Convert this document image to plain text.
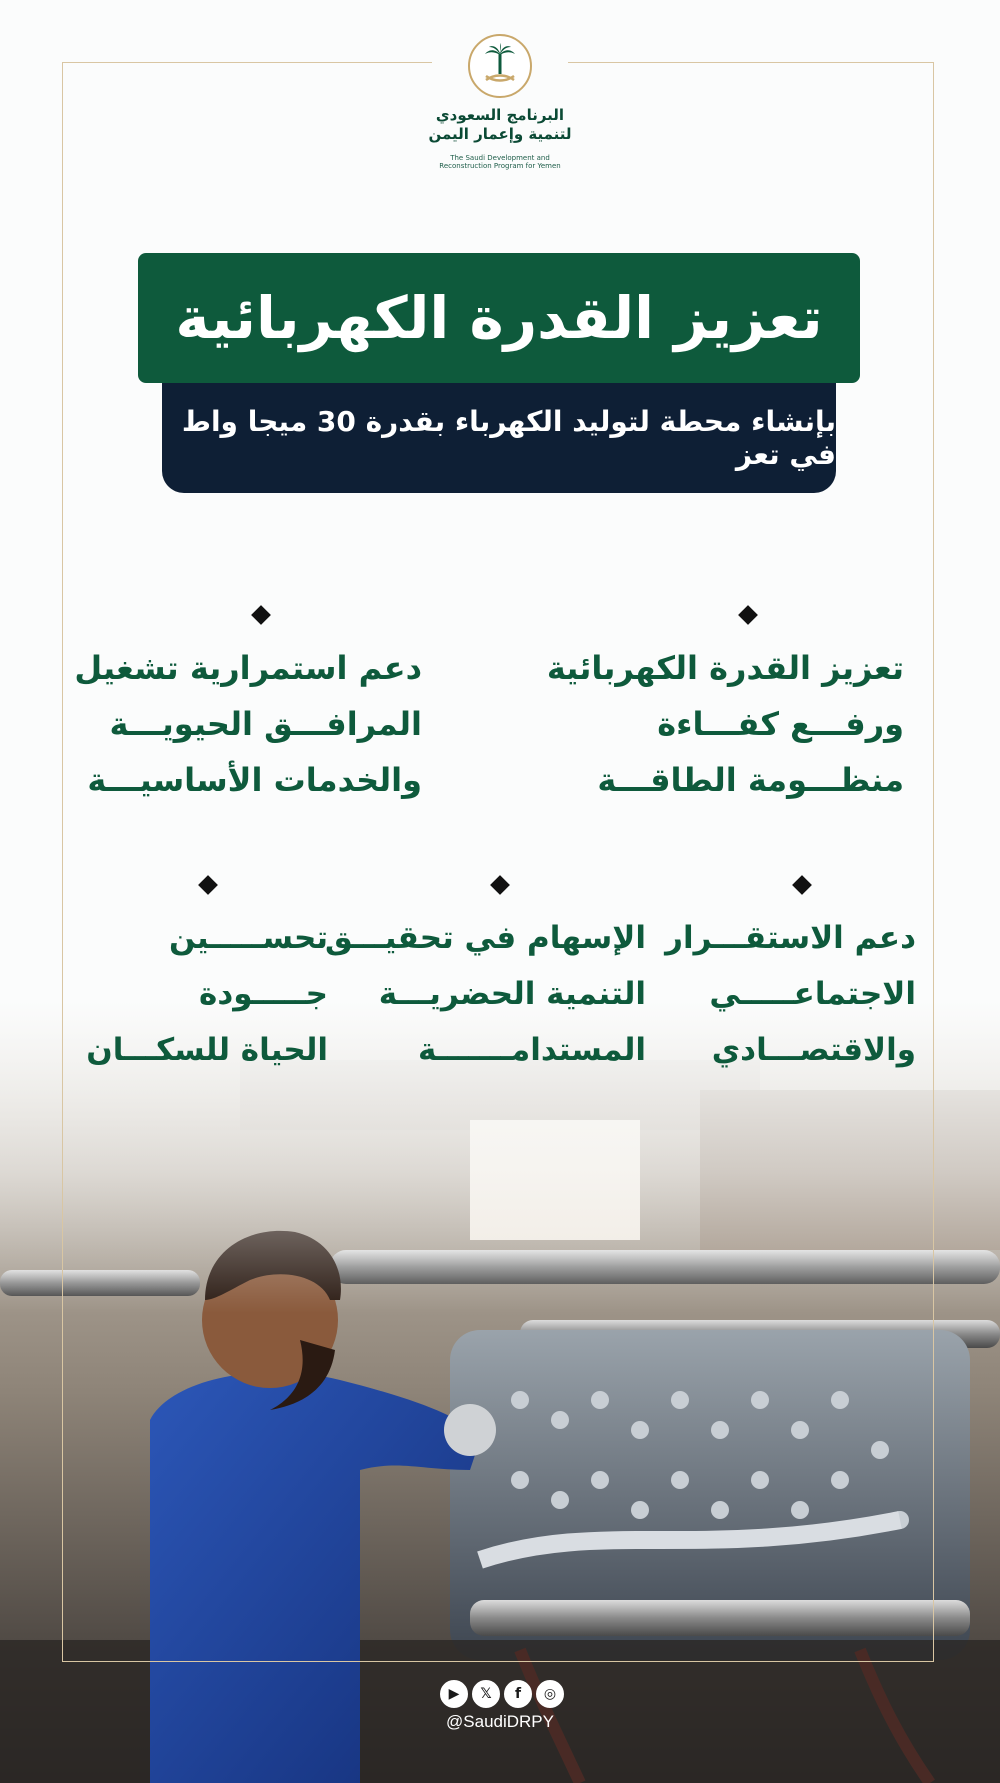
البرنامج السعودي
لتنمية وإعمار اليمن
The Saudi Development and
Reconstruction Program for Yemen
تعزيز القدرة الكهربائية
بإنشاء محطة لتوليد الكهرباء بقدرة 30 ميجا واط في تعز
تعزيز القدرة الكهربائية
ورفـــع كفـــاءة
منظـــومة الطاقـــة
دعم استمرارية تشغيل
المرافـــق الحيويـــة
والخدمات الأساسيـــة
دعم الاستقـــرار
الاجتماعـــــي
والاقتصـــادي
الإسهام في تحقيـــق
التنمية الحضريـــة
المستدامـــــــة
تحســـــين
جـــــودة
الحياة للسكـــان
▶	𝕏	f	◎
@SaudiDRPY
